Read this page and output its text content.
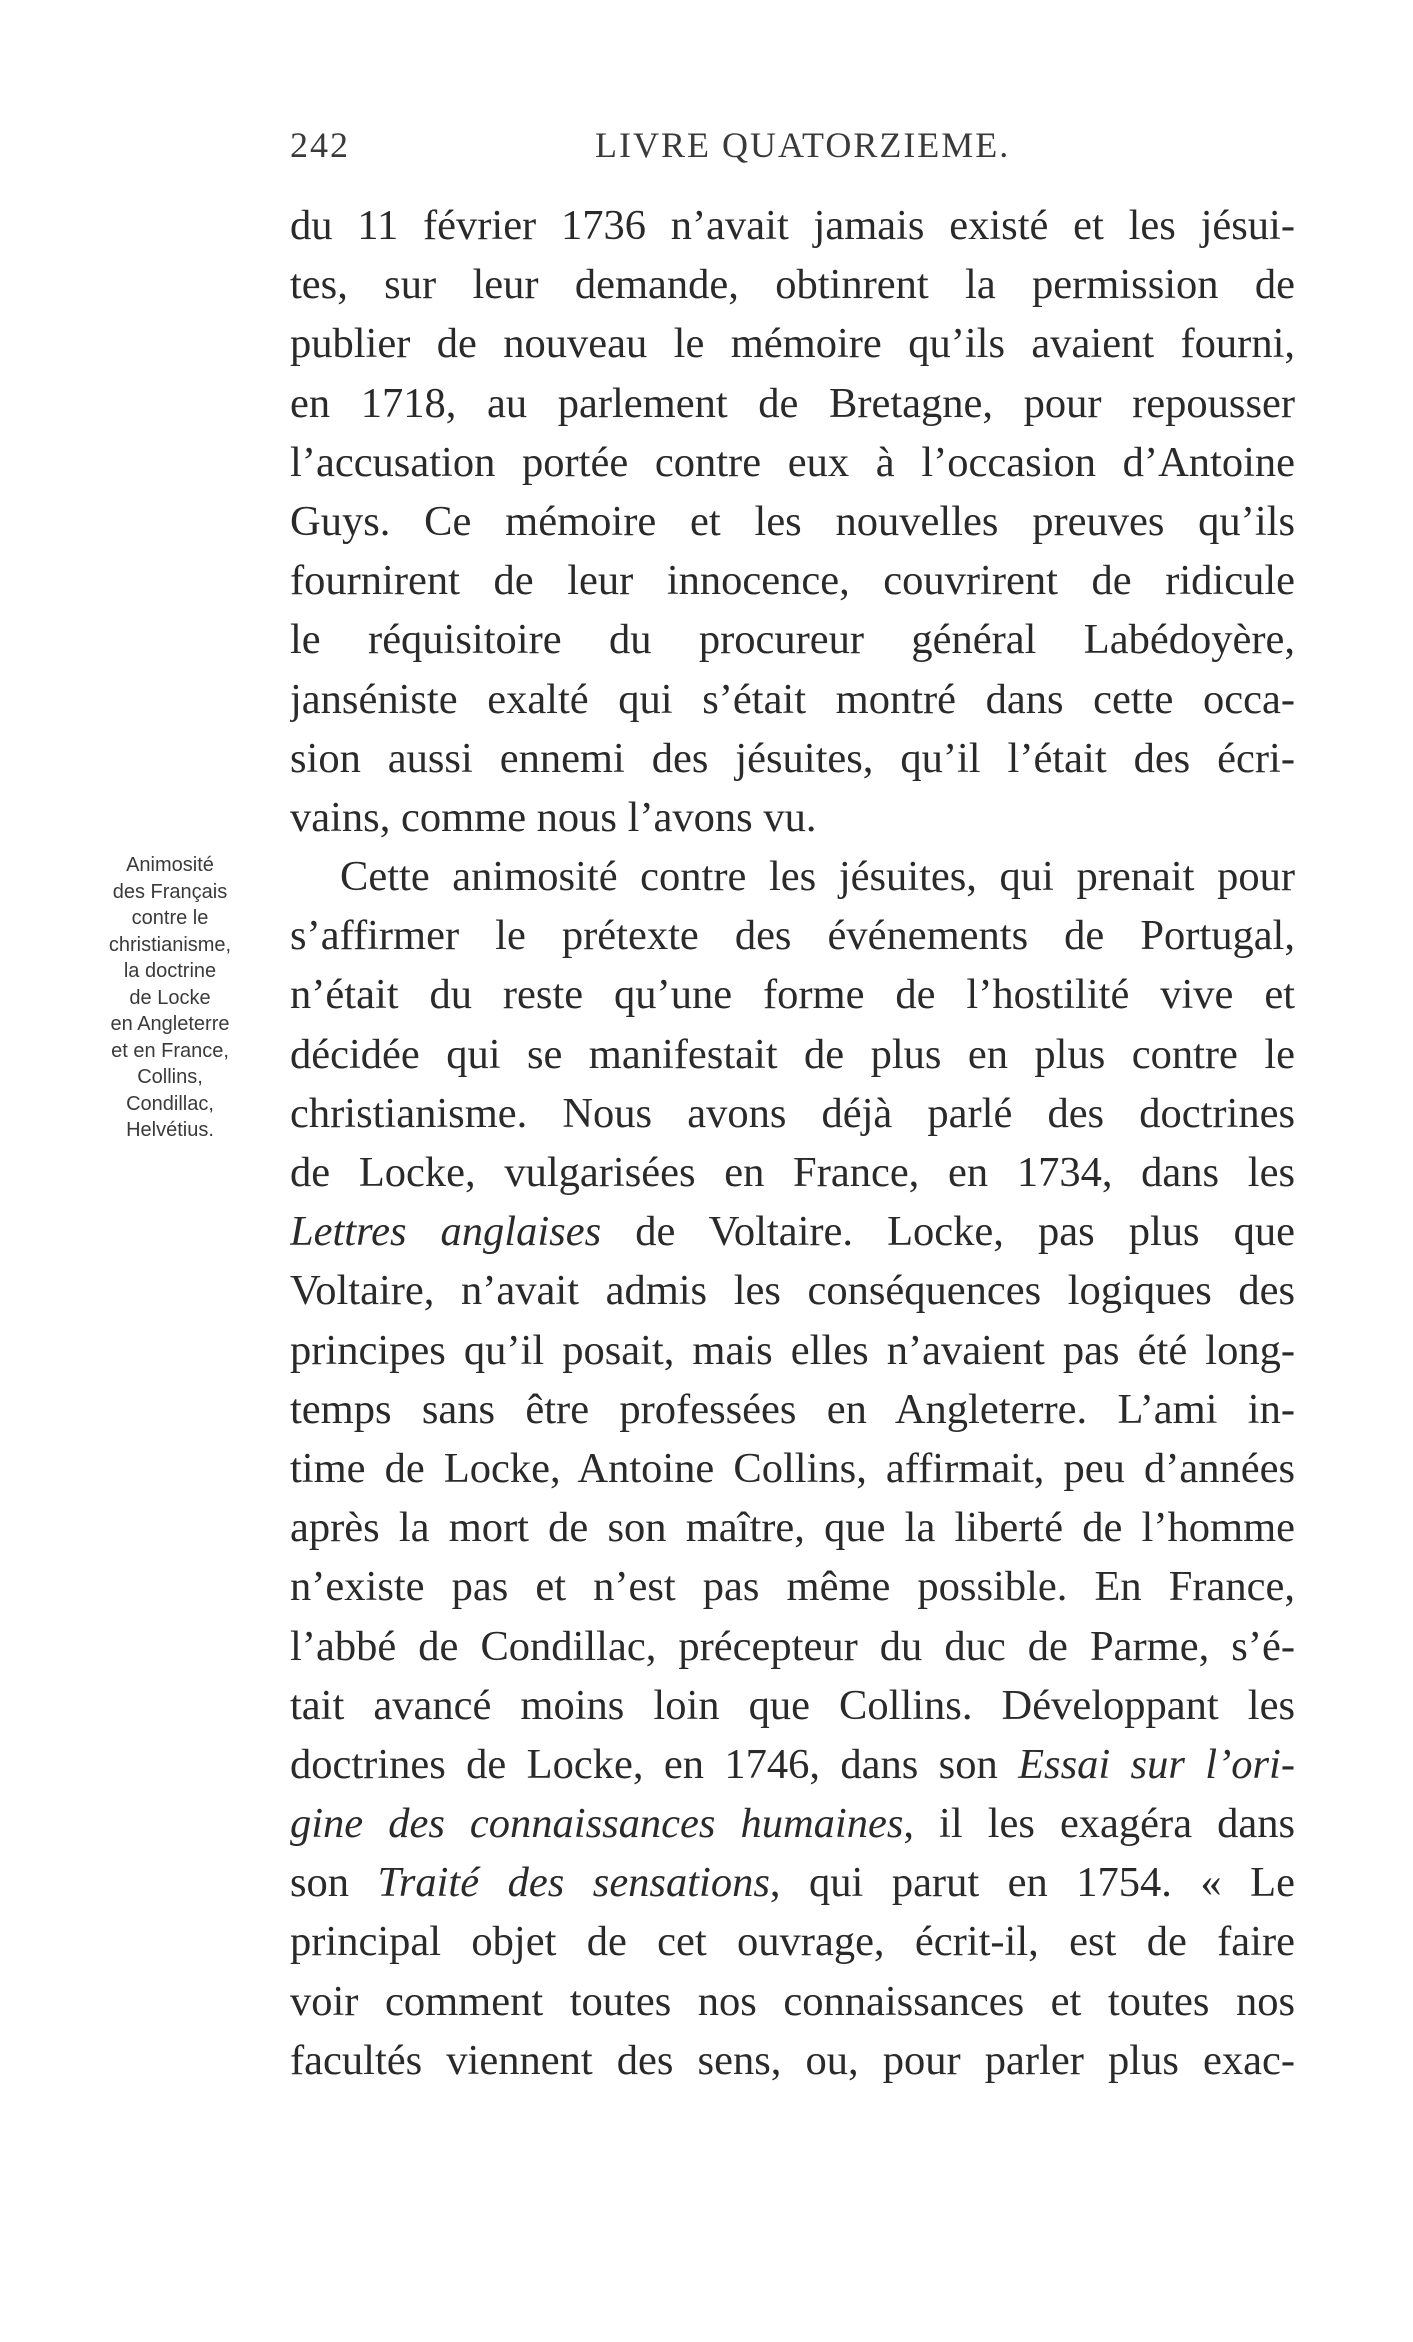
242	LIVRE QUATORZIEME.
Animosité
des Français
contre le
christianisme,
la doctrine
de Locke
en Angleterre
et en France,
Collins,
Condillac,
Helvétius.
du 11 février 1736 n’avait jamais existé et les jésui-
tes, sur leur demande, obtinrent la permission de
publier de nouveau le mémoire qu’ils avaient fourni,
en 1718, au parlement de Bretagne, pour repousser
l’accusation portée contre eux à l’occasion d’Antoine
Guys. Ce mémoire et les nouvelles preuves qu’ils
fournirent de leur innocence, couvrirent de ridicule
le réquisitoire du procureur général Labédoyère,
janséniste exalté qui s’était montré dans cette occa-
sion aussi ennemi des jésuites, qu’il l’était des écri-
vains, comme nous l’avons vu.
Cette animosité contre les jésuites, qui prenait pour
s’affirmer le prétexte des événements de Portugal,
n’était du reste qu’une forme de l’hostilité vive et
décidée qui se manifestait de plus en plus contre le
christianisme. Nous avons déjà parlé des doctrines
de Locke, vulgarisées en France, en 1734, dans les
Lettres anglaises de Voltaire. Locke, pas plus que
Voltaire, n’avait admis les conséquences logiques des
principes qu’il posait, mais elles n’avaient pas été long-
temps sans être professées en Angleterre. L’ami in-
time de Locke, Antoine Collins, affirmait, peu d’années
après la mort de son maître, que la liberté de l’homme
n’existe pas et n’est pas même possible. En France,
l’abbé de Condillac, précepteur du duc de Parme, s’é-
tait avancé moins loin que Collins. Développant les
doctrines de Locke, en 1746, dans son Essai sur l’ori-
gine des connaissances humaines, il les exagéra dans
son Traité des sensations, qui parut en 1754. « Le
principal objet de cet ouvrage, écrit-il, est de faire
voir comment toutes nos connaissances et toutes nos
facultés viennent des sens, ou, pour parler plus exac-
